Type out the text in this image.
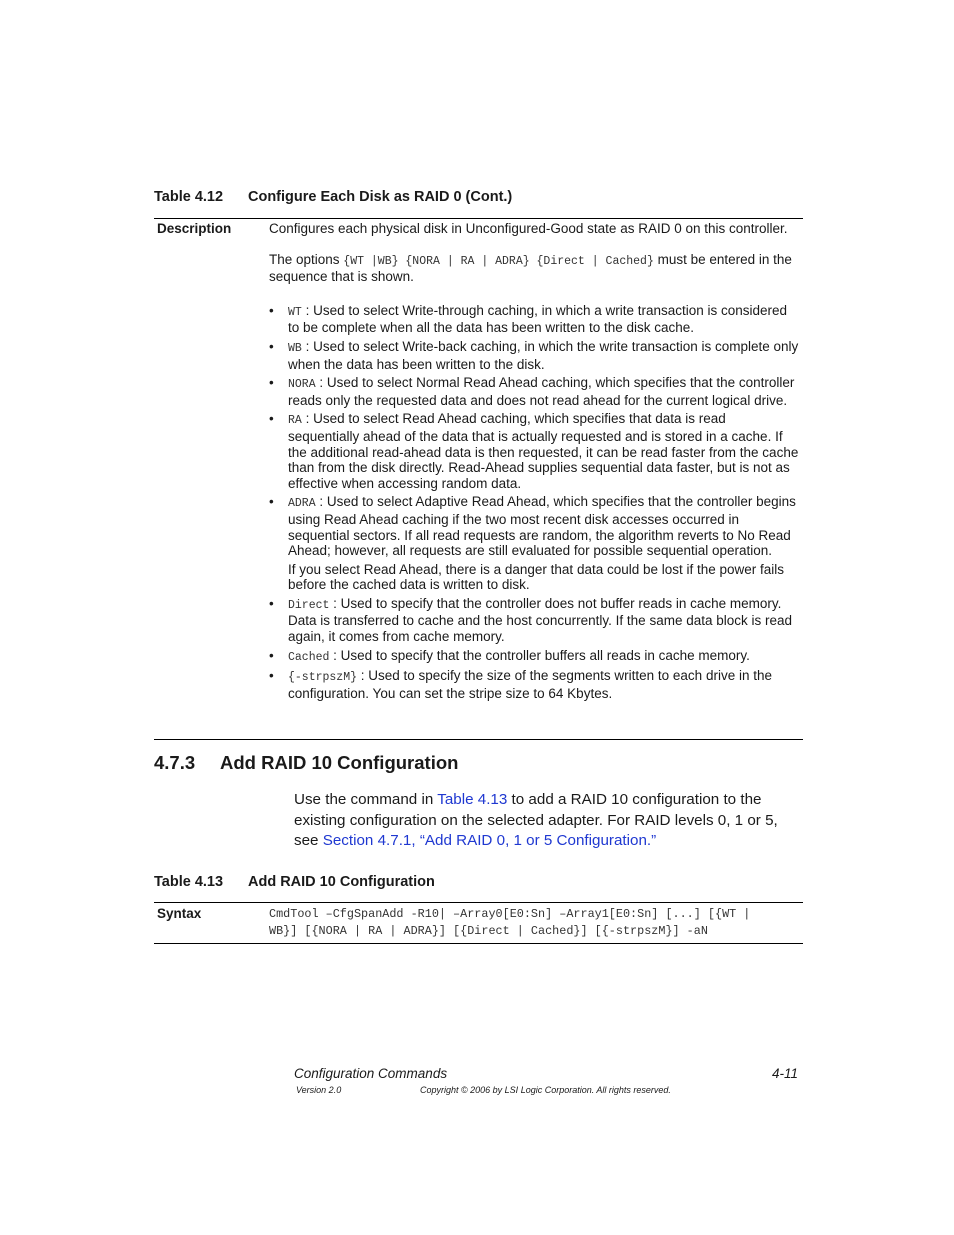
Table 4.12 Configure Each Disk as RAID 0 (Cont.)
Description	Configures each physical disk in Unconfigured-Good state as RAID 0 on this controller.

The options {WT |WB} {NORA | RA | ADRA} {Direct | Cached} must be entered in the sequence that is shown.

• WT : Used to select Write-through caching, in which a write transaction is considered to be complete when all the data has been written to the disk cache.
• WB : Used to select Write-back caching, in which the write transaction is complete only when the data has been written to the disk.
• NORA : Used to select Normal Read Ahead caching, which specifies that the controller reads only the requested data and does not read ahead for the current logical drive.
• RA : Used to select Read Ahead caching, which specifies that data is read sequentially ahead of the data that is actually requested and is stored in a cache. If the additional read-ahead data is then requested, it can be read faster from the cache than from the disk directly. Read-Ahead supplies sequential data faster, but is not as effective when accessing random data.
• ADRA : Used to select Adaptive Read Ahead, which specifies that the controller begins using Read Ahead caching if the two most recent disk accesses occurred in sequential sectors. If all read requests are random, the algorithm reverts to No Read Ahead; however, all requests are still evaluated for possible sequential operation.

If you select Read Ahead, there is a danger that data could be lost if the power fails before the cached data is written to disk.

• Direct : Used to specify that the controller does not buffer reads in cache memory. Data is transferred to cache and the host concurrently. If the same data block is read again, it comes from cache memory.
• Cached : Used to specify that the controller buffers all reads in cache memory.
• {-strpszM} : Used to specify the size of the segments written to each drive in the configuration. You can set the stripe size to 64 Kbytes.
4.7.3 Add RAID 10 Configuration
Use the command in Table 4.13 to add a RAID 10 configuration to the existing configuration on the selected adapter. For RAID levels 0, 1 or 5, see Section 4.7.1, “Add RAID 0, 1 or 5 Configuration.”
Table 4.13 Add RAID 10 Configuration
Syntax	CmdTool –CfgSpanAdd -R10| –Array0[E0:Sn] –Array1[E0:Sn] [...] [{WT |
WB}] [{NORA | RA | ADRA}] [{Direct | Cached}] [{-strpszM}] -aN
Configuration Commands	4-11
Version 2.0	Copyright © 2006 by LSI Logic Corporation. All rights reserved.
